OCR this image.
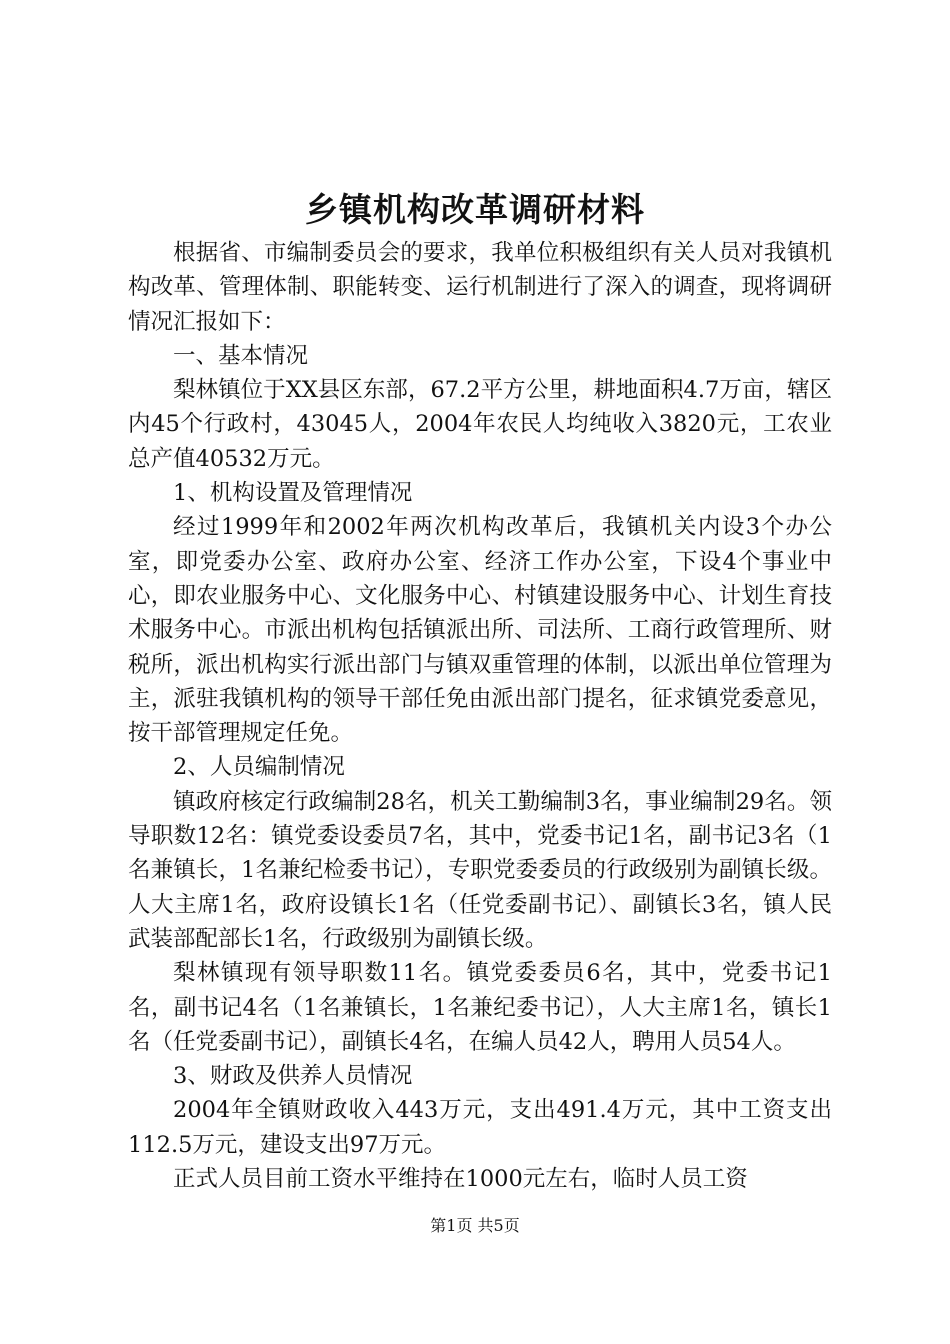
乡镇机构改革调研材料

根据省、市编制委员会的要求，我单位积极组织有关人员对我镇机构改革、管理体制、职能转变、运行机制进行了深入的调查，现将调研情况汇报如下：

一、基本情况

梨林镇位于XX县区东部，67.2平方公里，耕地面积4.7万亩，辖区内45个行政村，43045人，2004年农民人均纯收入3820元，工农业总产值40532万元。

1、机构设置及管理情况

经过1999年和2002年两次机构改革后，我镇机关内设3个办公室，即党委办公室、政府办公室、经济工作办公室，下设4个事业中心，即农业服务中心、文化服务中心、村镇建设服务中心、计划生育技术服务中心。市派出机构包括镇派出所、司法所、工商行政管理所、财税所，派出机构实行派出部门与镇双重管理的体制，以派出单位管理为主，派驻我镇机构的领导干部任免由派出部门提名，征求镇党委意见，按干部管理规定任免。

2、人员编制情况

镇政府核定行政编制28名，机关工勤编制3名，事业编制29名。领导职数12名：镇党委设委员7名，其中，党委书记1名，副书记3名（1名兼镇长，1名兼纪检委书记），专职党委委员的行政级别为副镇长级。人大主席1名，政府设镇长1名（任党委副书记）、副镇长3名，镇人民武装部配部长1名，行政级别为副镇长级。

梨林镇现有领导职数11名。镇党委委员6名，其中，党委书记1名，副书记4名（1名兼镇长，1名兼纪委书记），人大主席1名，镇长1名（任党委副书记），副镇长4名，在编人员42人，聘用人员54人。

3、财政及供养人员情况

2004年全镇财政收入443万元，支出491.4万元，其中工资支出112.5万元，建设支出97万元。

正式人员目前工资水平维持在1000元左右，临时人员工资

第1页 共5页
